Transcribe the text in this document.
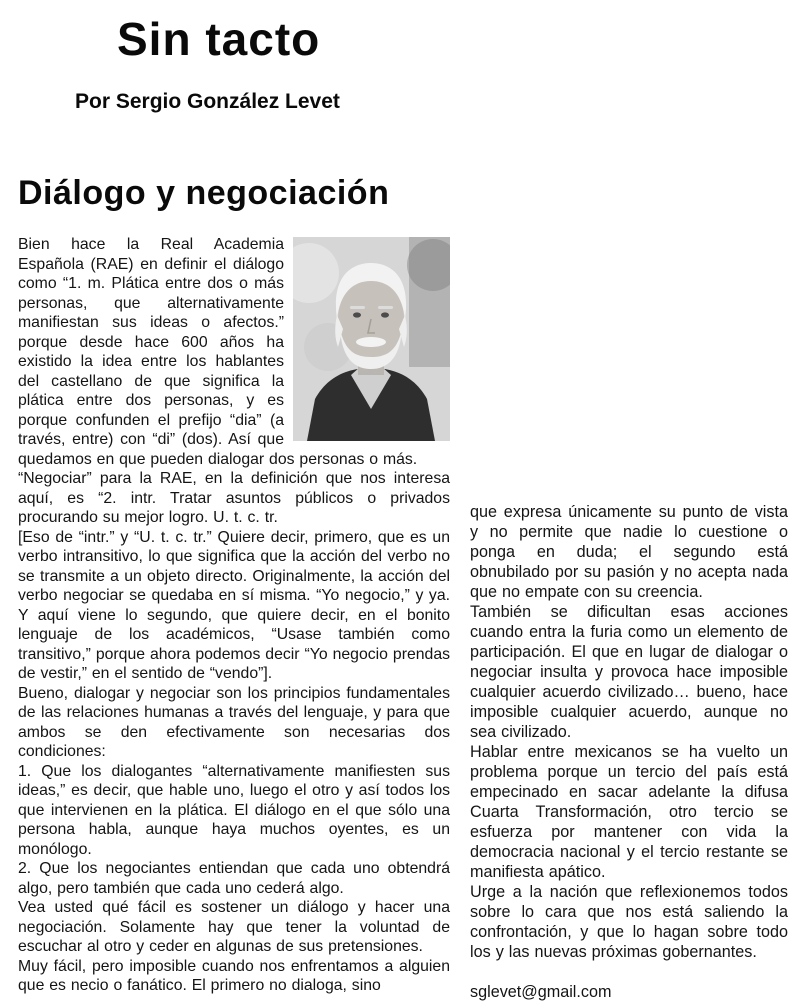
Sin tacto
Por Sergio González Levet
Diálogo y negociación

Bien hace la Real Academia Española (RAE) en definir el diálogo como “1. m. Plática entre dos o más personas, que alternativamente manifiestan sus ideas o afectos.” porque desde hace 600 años ha existido la idea entre los hablantes del castellano de que significa la plática entre dos personas, y es porque confunden el prefijo “dia” (a través, entre) con “di” (dos). Así que quedamos en que pueden dialogar dos personas o más.

“Negociar” para la RAE, en la definición que nos interesa aquí, es “2. intr. Tratar asuntos públicos o privados procurando su mejor logro. U. t. c. tr.

[Eso de “intr.” y “U. t. c. tr.” Quiere decir, primero, que es un verbo intransitivo, lo que significa que la acción del verbo no se transmite a un objeto directo. Originalmente, la acción del verbo negociar se quedaba en sí misma. “Yo negocio,” y ya. Y aquí viene lo segundo, que quiere decir, en el bonito lenguaje de los académicos, “Usase también como transitivo,” porque ahora podemos decir “Yo negocio prendas de vestir,” en el sentido de “vendo”].

Bueno, dialogar y negociar son los principios fundamentales de las relaciones humanas a través del lenguaje, y para que ambos se den efectivamente son necesarias dos condiciones:

1. Que los dialogantes “alternativamente manifiesten sus ideas,” es decir, que hable uno, luego el otro y así todos los que intervienen en la plática. El diálogo en el que sólo una persona habla, aunque haya muchos oyentes, es un monólogo.

2. Que los negociantes entiendan que cada uno obtendrá algo, pero también que cada uno cederá algo.

Vea usted qué fácil es sostener un diálogo y hacer una negociación. Solamente hay que tener la voluntad de escuchar al otro y ceder en algunas de sus pretensiones.

Muy fácil, pero imposible cuando nos enfrentamos a alguien que es necio o fanático. El primero no dialoga, sino

que expresa únicamente su punto de vista y no permite que nadie lo cuestione o ponga en duda; el segundo está obnubilado por su pasión y no acepta nada que no empate con su creencia.

También se dificultan esas acciones cuando entra la furia como un elemento de participación. El que en lugar de dialogar o negociar insulta y provoca hace imposible cualquier acuerdo civilizado… bueno, hace imposible cualquier acuerdo, aunque no sea civilizado.

Hablar entre mexicanos se ha vuelto un problema porque un tercio del país está empecinado en sacar adelante la difusa Cuarta Transformación, otro tercio se esfuerza por mantener con vida la democracia nacional y el tercio restante se manifiesta apático.

Urge a la nación que reflexionemos todos sobre lo cara que nos está saliendo la confrontación, y que lo hagan sobre todo los y las nuevas próximas gobernantes.

sglevet@gmail.com
